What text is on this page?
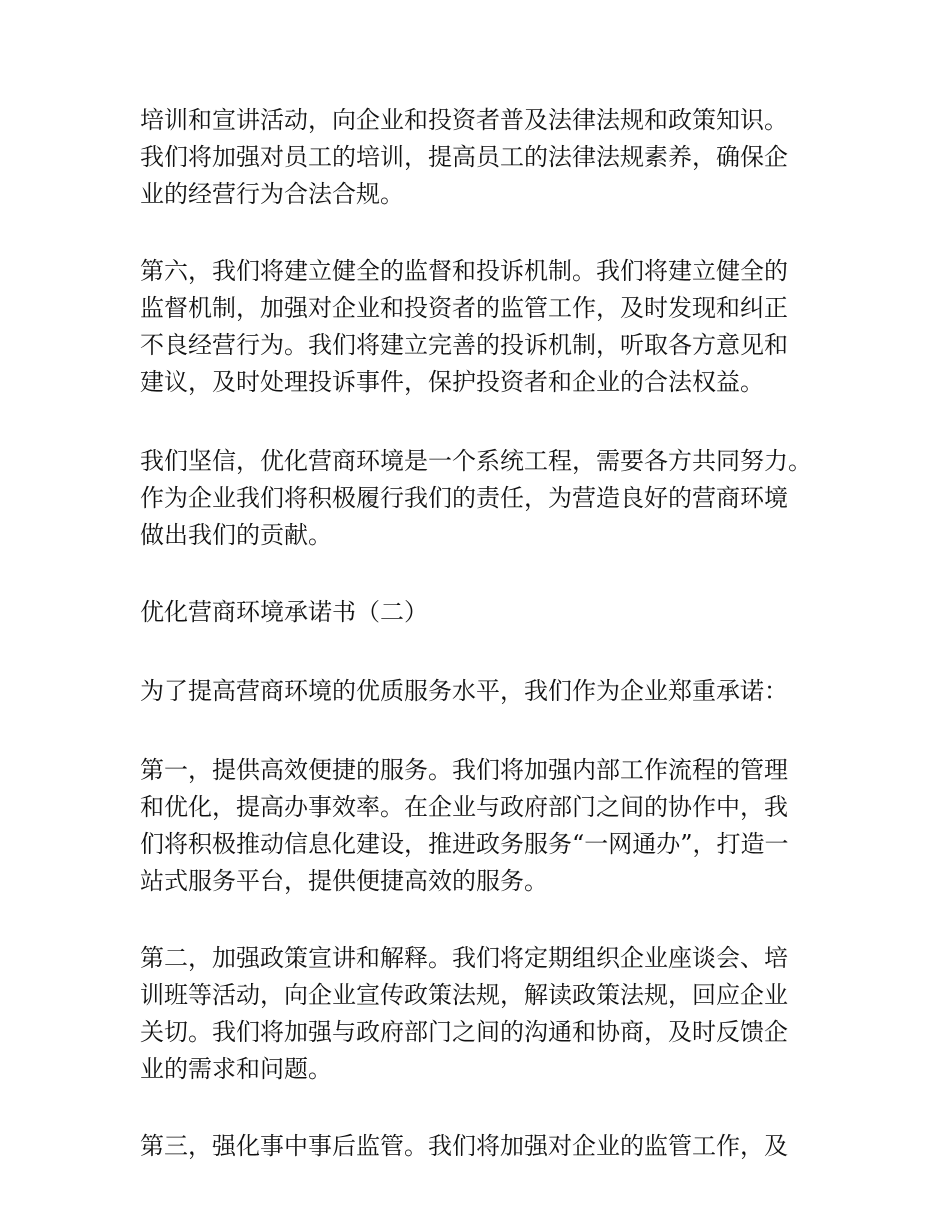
培训和宣讲活动，向企业和投资者普及法律法规和政策知识。
我们将加强对员工的培训，提高员工的法律法规素养，确保企
业的经营行为合法合规。
第六，我们将建立健全的监督和投诉机制。我们将建立健全的
监督机制，加强对企业和投资者的监管工作，及时发现和纠正
不良经营行为。我们将建立完善的投诉机制，听取各方意见和
建议，及时处理投诉事件，保护投资者和企业的合法权益。
我们坚信，优化营商环境是一个系统工程，需要各方共同努力。
作为企业我们将积极履行我们的责任，为营造良好的营商环境
做出我们的贡献。
优化营商环境承诺书（二）
为了提高营商环境的优质服务水平，我们作为企业郑重承诺：
第一，提供高效便捷的服务。我们将加强内部工作流程的管理
和优化，提高办事效率。在企业与政府部门之间的协作中，我
们将积极推动信息化建设，推进政务服务“一网通办”，打造一
站式服务平台，提供便捷高效的服务。
第二，加强政策宣讲和解释。我们将定期组织企业座谈会、培
训班等活动，向企业宣传政策法规，解读政策法规，回应企业
关切。我们将加强与政府部门之间的沟通和协商，及时反馈企
业的需求和问题。
第三，强化事中事后监管。我们将加强对企业的监管工作，及
